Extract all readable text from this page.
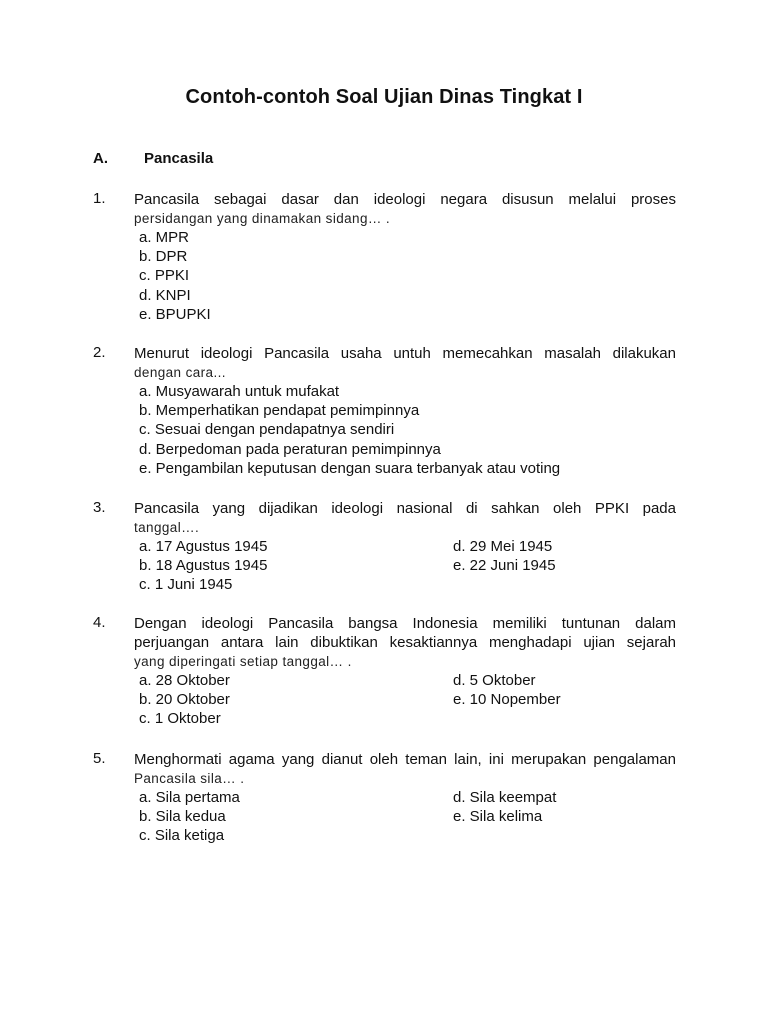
Contoh-contoh Soal Ujian Dinas Tingkat I
A. Pancasila
1. Pancasila sebagai dasar dan ideologi negara disusun melalui proses
persidangan yang dinamakan sidang… .
a. MPR
b. DPR
c. PPKI
d. KNPI
e. BPUPKI
2. Menurut ideologi Pancasila usaha untuh memecahkan masalah dilakukan
dengan cara...
a. Musyawarah untuk mufakat
b. Memperhatikan pendapat pemimpinnya
c. Sesuai dengan pendapatnya sendiri
d. Berpedoman pada peraturan pemimpinnya
e. Pengambilan keputusan dengan suara terbanyak atau voting
3. Pancasila yang dijadikan ideologi nasional di sahkan oleh PPKI pada
tanggal….
a. 17 Agustus 1945	d. 29 Mei 1945
b. 18 Agustus 1945	e. 22 Juni 1945
c. 1 Juni 1945
4. Dengan ideologi Pancasila bangsa Indonesia memiliki tuntunan dalam
perjuangan antara lain dibuktikan kesaktiannya menghadapi ujian sejarah
yang diperingati setiap tanggal… .
a. 28 Oktober	d. 5 Oktober
b. 20 Oktober	e. 10 Nopember
c. 1 Oktober
5. Menghormati agama yang dianut oleh teman lain, ini merupakan pengalaman
Pancasila sila… .
a. Sila pertama	d. Sila keempat
b. Sila kedua	e. Sila kelima
c. Sila ketiga
